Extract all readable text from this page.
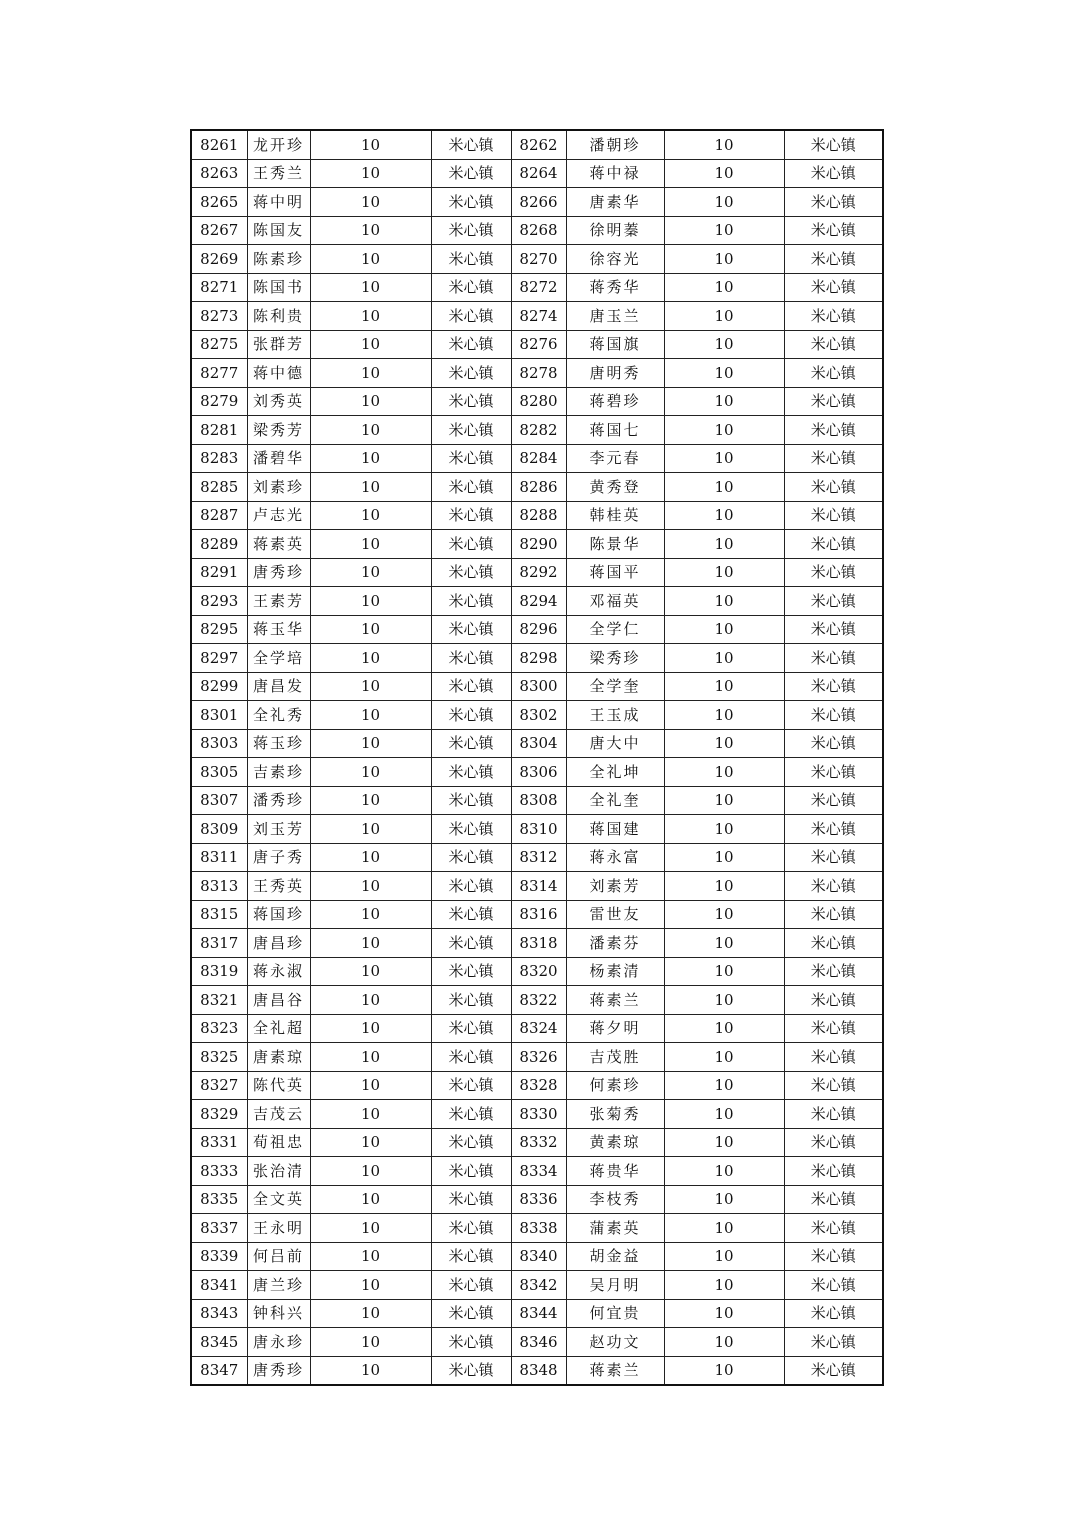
8261	龙开珍	10	米心镇	8262	潘朝珍	10	米心镇
8263	王秀兰	10	米心镇	8264	蒋中禄	10	米心镇
8265	蒋中明	10	米心镇	8266	唐素华	10	米心镇
8267	陈国友	10	米心镇	8268	徐明蓁	10	米心镇
8269	陈素珍	10	米心镇	8270	徐容光	10	米心镇
8271	陈国书	10	米心镇	8272	蒋秀华	10	米心镇
8273	陈利贵	10	米心镇	8274	唐玉兰	10	米心镇
8275	张群芳	10	米心镇	8276	蒋国旗	10	米心镇
8277	蒋中德	10	米心镇	8278	唐明秀	10	米心镇
8279	刘秀英	10	米心镇	8280	蒋碧珍	10	米心镇
8281	梁秀芳	10	米心镇	8282	蒋国七	10	米心镇
8283	潘碧华	10	米心镇	8284	李元春	10	米心镇
8285	刘素珍	10	米心镇	8286	黄秀登	10	米心镇
8287	卢志光	10	米心镇	8288	韩桂英	10	米心镇
8289	蒋素英	10	米心镇	8290	陈景华	10	米心镇
8291	唐秀珍	10	米心镇	8292	蒋国平	10	米心镇
8293	王素芳	10	米心镇	8294	邓福英	10	米心镇
8295	蒋玉华	10	米心镇	8296	全学仁	10	米心镇
8297	全学培	10	米心镇	8298	梁秀珍	10	米心镇
8299	唐昌发	10	米心镇	8300	全学奎	10	米心镇
8301	全礼秀	10	米心镇	8302	王玉成	10	米心镇
8303	蒋玉珍	10	米心镇	8304	唐大中	10	米心镇
8305	吉素珍	10	米心镇	8306	全礼坤	10	米心镇
8307	潘秀珍	10	米心镇	8308	全礼奎	10	米心镇
8309	刘玉芳	10	米心镇	8310	蒋国建	10	米心镇
8311	唐子秀	10	米心镇	8312	蒋永富	10	米心镇
8313	王秀英	10	米心镇	8314	刘素芳	10	米心镇
8315	蒋国珍	10	米心镇	8316	雷世友	10	米心镇
8317	唐昌珍	10	米心镇	8318	潘素芬	10	米心镇
8319	蒋永淑	10	米心镇	8320	杨素清	10	米心镇
8321	唐昌谷	10	米心镇	8322	蒋素兰	10	米心镇
8323	全礼超	10	米心镇	8324	蒋夕明	10	米心镇
8325	唐素琼	10	米心镇	8326	吉茂胜	10	米心镇
8327	陈代英	10	米心镇	8328	何素珍	10	米心镇
8329	吉茂云	10	米心镇	8330	张菊秀	10	米心镇
8331	荀祖忠	10	米心镇	8332	黄素琼	10	米心镇
8333	张治清	10	米心镇	8334	蒋贵华	10	米心镇
8335	全文英	10	米心镇	8336	李枝秀	10	米心镇
8337	王永明	10	米心镇	8338	蒲素英	10	米心镇
8339	何吕前	10	米心镇	8340	胡金益	10	米心镇
8341	唐兰珍	10	米心镇	8342	吴月明	10	米心镇
8343	钟科兴	10	米心镇	8344	何宜贵	10	米心镇
8345	唐永珍	10	米心镇	8346	赵功文	10	米心镇
8347	唐秀珍	10	米心镇	8348	蒋素兰	10	米心镇
